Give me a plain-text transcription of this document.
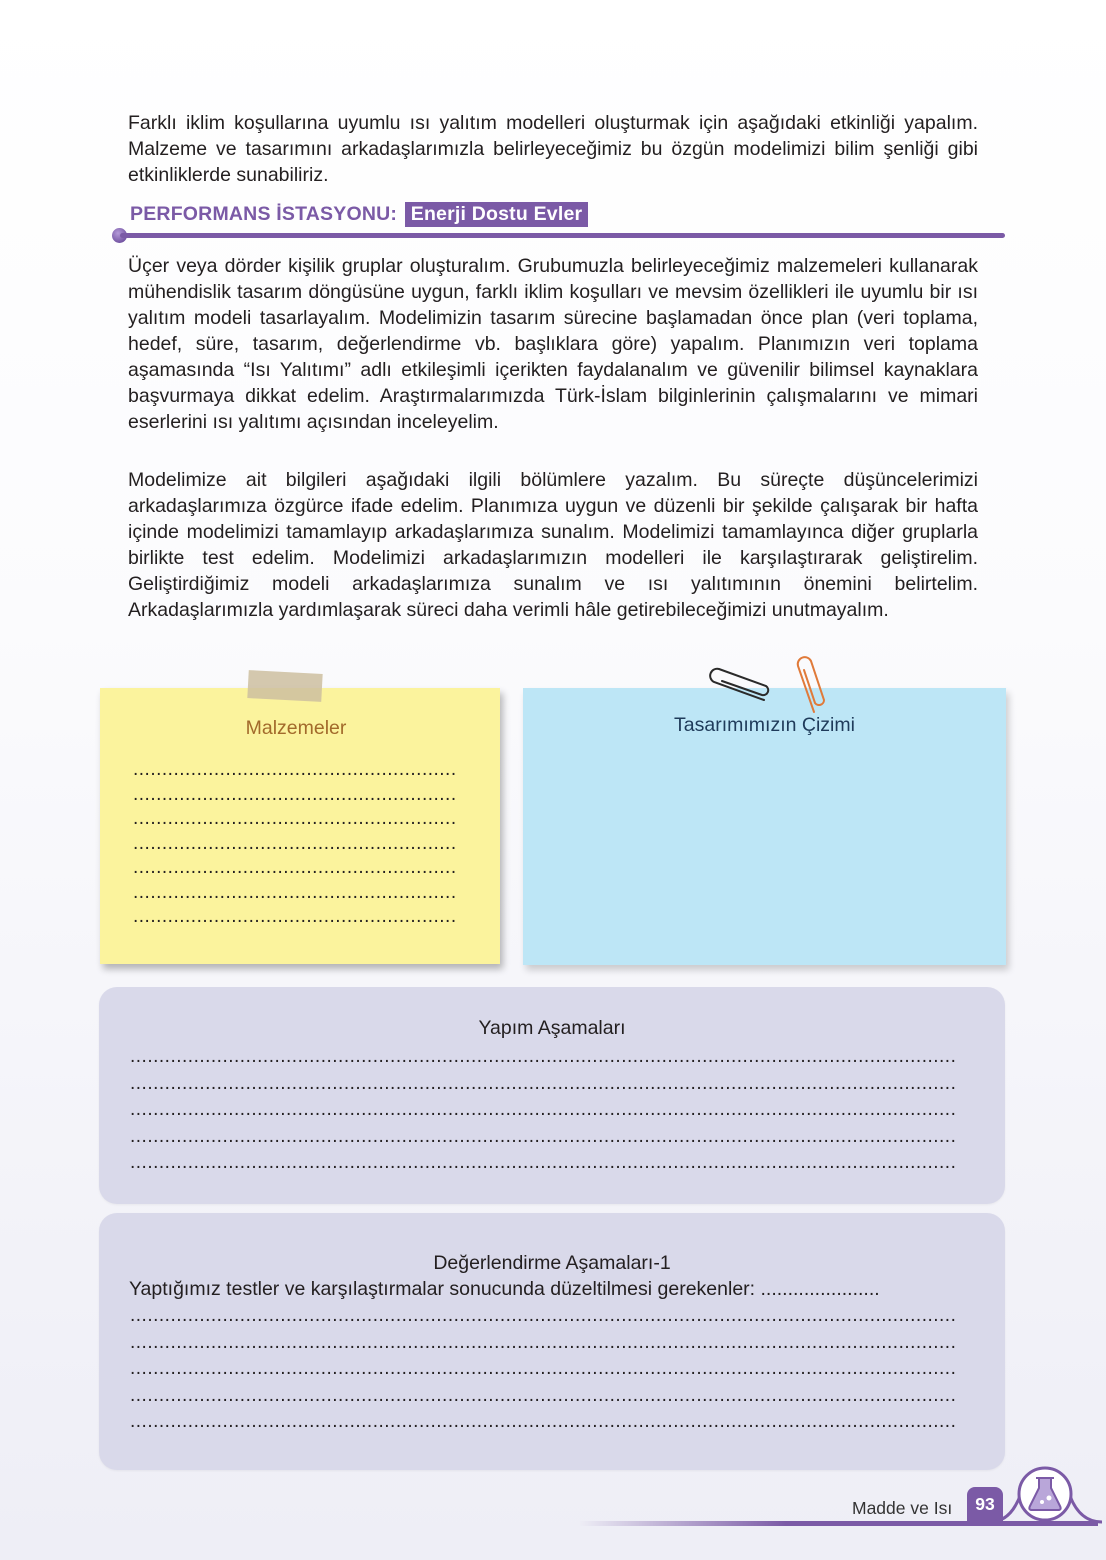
Farklı iklim koşullarına uyumlu ısı yalıtım modelleri oluşturmak için aşağıdaki etkinliği yapalım. Malzeme ve tasarımını arkadaşlarımızla belirleyeceğimiz bu özgün modelimizi bilim şenliği gibi etkinliklerde sunabiliriz.

PERFORMANS İSTASYONU: Enerji Dostu Evler

Üçer veya dörder kişilik gruplar oluşturalım. Grubumuzla belirleyeceğimiz malzemeleri kullanarak mühendislik tasarım döngüsüne uygun, farklı iklim koşulları ve mevsim özellikleri ile uyumlu bir ısı yalıtım modeli tasarlayalım. Modelimizin tasarım sürecine başlamadan önce plan (veri toplama, hedef, süre, tasarım, değerlendirme vb. başlıklara göre) yapalım. Planımızın veri toplama aşamasında “Isı Yalıtımı” adlı etkileşimli içerikten faydalanalım ve güvenilir bilimsel kaynaklara başvurmaya dikkat edelim. Araştırmalarımızda Türk-İslam bilginlerinin çalışmalarını ve mimari eserlerini ısı yalıtımı açısından inceleyelim.

Modelimize ait bilgileri aşağıdaki ilgili bölümlere yazalım. Bu süreçte düşüncelerimizi arkadaşlarımıza özgürce ifade edelim. Planımıza uygun ve düzenli bir şekilde çalışarak bir hafta içinde modelimizi tamamlayıp arkadaşlarımıza sunalım. Modelimizi tamamlayınca diğer gruplarla birlikte test edelim. Modelimizi arkadaşlarımızın modelleri ile karşılaştırarak geliştirelim. Geliştirdiğimiz modeli arkadaşlarımıza sunalım ve ısı yalıtımının önemini belirtelim. Arkadaşlarımızla yardımlaşarak süreci daha verimli hâle getirebileceğimizi unutmayalım.

Malzemeler
........................................................
........................................................
........................................................
........................................................
........................................................
........................................................
........................................................
Tasarımımızın Çizimi
Yapım Aşamaları
...............................................................................................................................................
...............................................................................................................................................
...............................................................................................................................................
...............................................................................................................................................
...............................................................................................................................................
Değerlendirme Aşamaları-1
Yaptığımız testler ve karşılaştırmalar sonucunda düzeltilmesi gerekenler: ......................
...............................................................................................................................................
...............................................................................................................................................
...............................................................................................................................................
...............................................................................................................................................
...............................................................................................................................................
Madde ve Isı	93
